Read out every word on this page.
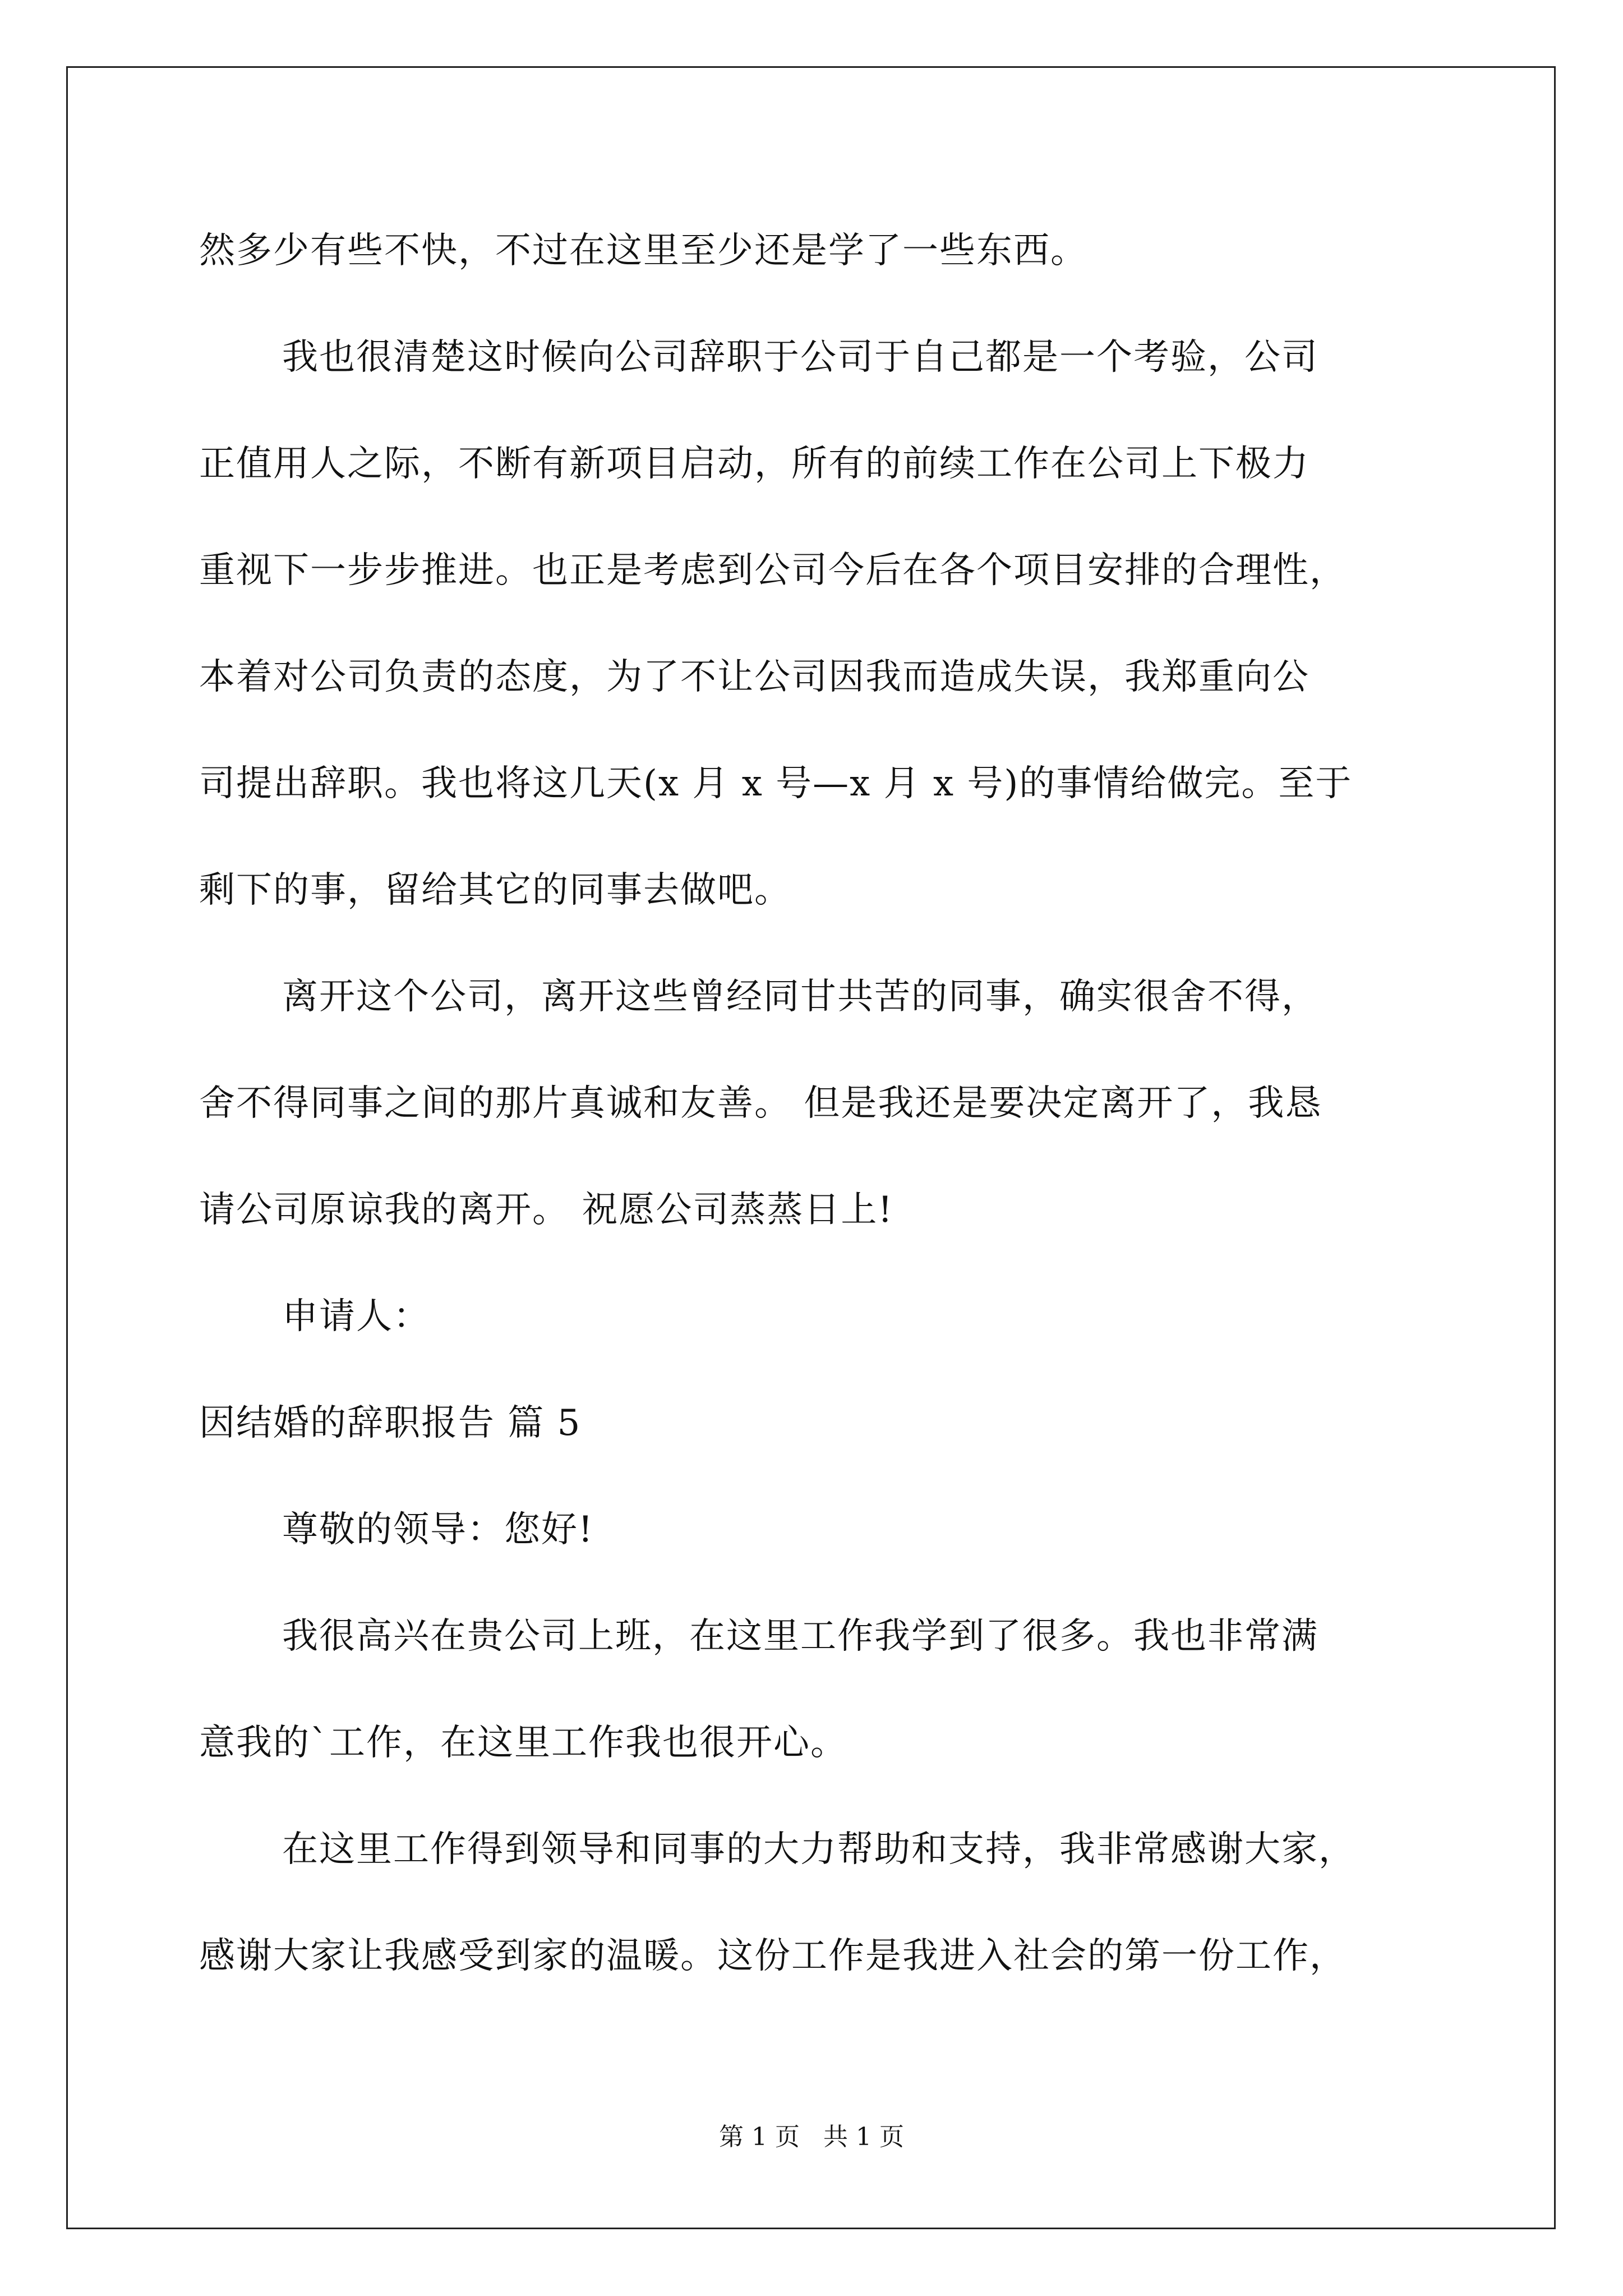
然多少有些不快，不过在这里至少还是学了一些东西。
我也很清楚这时候向公司辞职于公司于自己都是一个考验，公司
正值用人之际，不断有新项目启动，所有的前续工作在公司上下极力
重视下一步步推进。也正是考虑到公司今后在各个项目安排的合理性，
本着对公司负责的态度，为了不让公司因我而造成失误，我郑重向公
司提出辞职。我也将这几天(x 月 x 号—x 月 x 号)的事情给做完。至于
剩下的事，留给其它的同事去做吧。
离开这个公司，离开这些曾经同甘共苦的同事，确实很舍不得，
舍不得同事之间的那片真诚和友善。 但是我还是要决定离开了，我恳
请公司原谅我的离开。 祝愿公司蒸蒸日上!
申请人：
因结婚的辞职报告 篇 5
尊敬的领导：您好!
我很高兴在贵公司上班，在这里工作我学到了很多。我也非常满
意我的`工作，在这里工作我也很开心。
在这里工作得到领导和同事的大力帮助和支持，我非常感谢大家，
感谢大家让我感受到家的温暖。这份工作是我进入社会的第一份工作，
第 1 页   共 1 页
